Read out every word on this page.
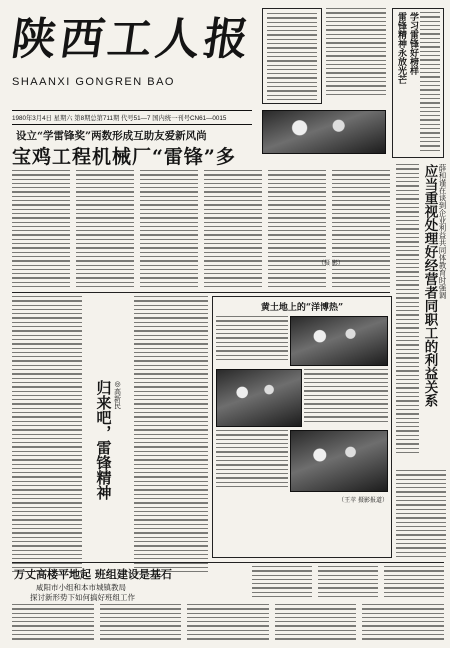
陕西工人报
SHAANXI GONGREN BAO	雷锋精神永放光芒 学习雷锋好榜样
1980年3月4日 星期六 第8期总第711期 代号51—7 国内统一刊号CN61—0015
设立“学雷锋奖”两数形成互助友爱新风尚
宝鸡工程机械厂“雷锋”多
（摄 影）	应当重视处理好经营者同职工的利益关系 薛和谨在谈到企业利益共同体教育时强调
归来吧，雷锋精神 ◎高新民
黄土地上的“洋博热”
（王苹 摄影报道）
万丈高楼平地起 班组建设是基石
咸阳市小组和本市城镇教局
探讨新形势下如何搞好班组工作
